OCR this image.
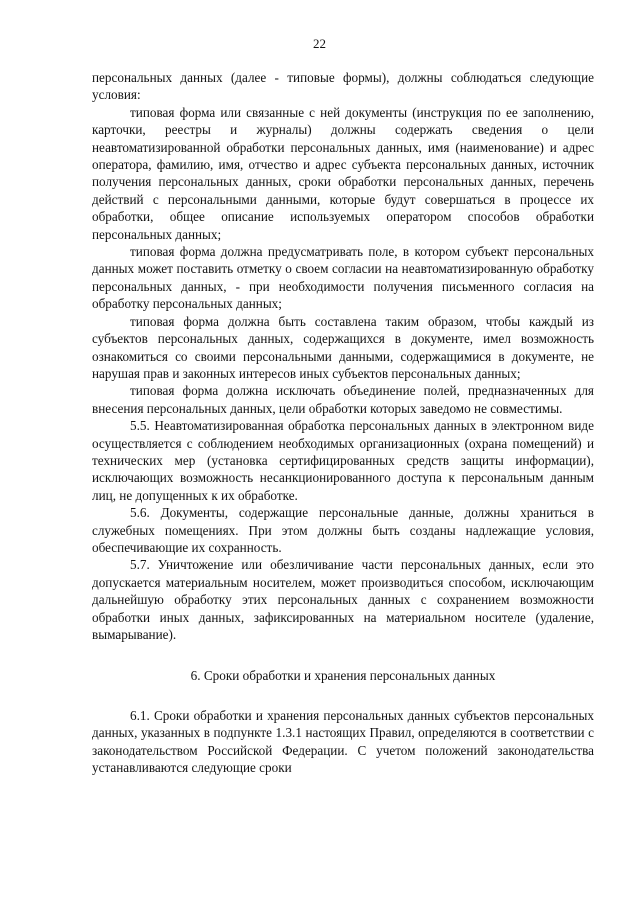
22

персональных данных (далее - типовые формы), должны соблюдаться следующие условия:

типовая форма или связанные с ней документы (инструкция по ее заполнению, карточки, реестры и журналы) должны содержать сведения о цели неавтоматизированной обработки персональных данных, имя (наименование) и адрес оператора, фамилию, имя, отчество и адрес субъекта персональных данных, источник получения персональных данных, сроки обработки персональных данных, перечень действий с персональными данными, которые будут совершаться в процессе их обработки, общее описание используемых оператором способов обработки персональных данных;

типовая форма должна предусматривать поле, в котором субъект персональных данных может поставить отметку о своем согласии на неавтоматизированную обработку персональных данных, - при необходимости получения письменного согласия на обработку персональных данных;

типовая форма должна быть составлена таким образом, чтобы каждый из субъектов персональных данных, содержащихся в документе, имел возможность ознакомиться со своими персональными данными, содержащимися в документе, не нарушая прав и законных интересов иных субъектов персональных данных;

типовая форма должна исключать объединение полей, предназначенных для внесения персональных данных, цели обработки которых заведомо не совместимы.

5.5. Неавтоматизированная обработка персональных данных в электронном виде осуществляется с соблюдением необходимых организационных (охрана помещений) и технических мер (установка сертифицированных средств защиты информации), исключающих возможность несанкционированного доступа к персональным данным лиц, не допущенных к их обработке.

5.6. Документы, содержащие персональные данные, должны храниться в служебных помещениях. При этом должны быть созданы надлежащие условия, обеспечивающие их сохранность.

5.7. Уничтожение или обезличивание части персональных данных, если это допускается материальным носителем, может производиться способом, исключающим дальнейшую обработку этих персональных данных с сохранением возможности обработки иных данных, зафиксированных на материальном носителе (удаление, вымарывание).

6. Сроки обработки и хранения персональных данных

6.1. Сроки обработки и хранения персональных данных субъектов персональных данных, указанных в подпункте 1.3.1 настоящих Правил, определяются в соответствии с законодательством Российской Федерации. С учетом положений законодательства устанавливаются следующие сроки
